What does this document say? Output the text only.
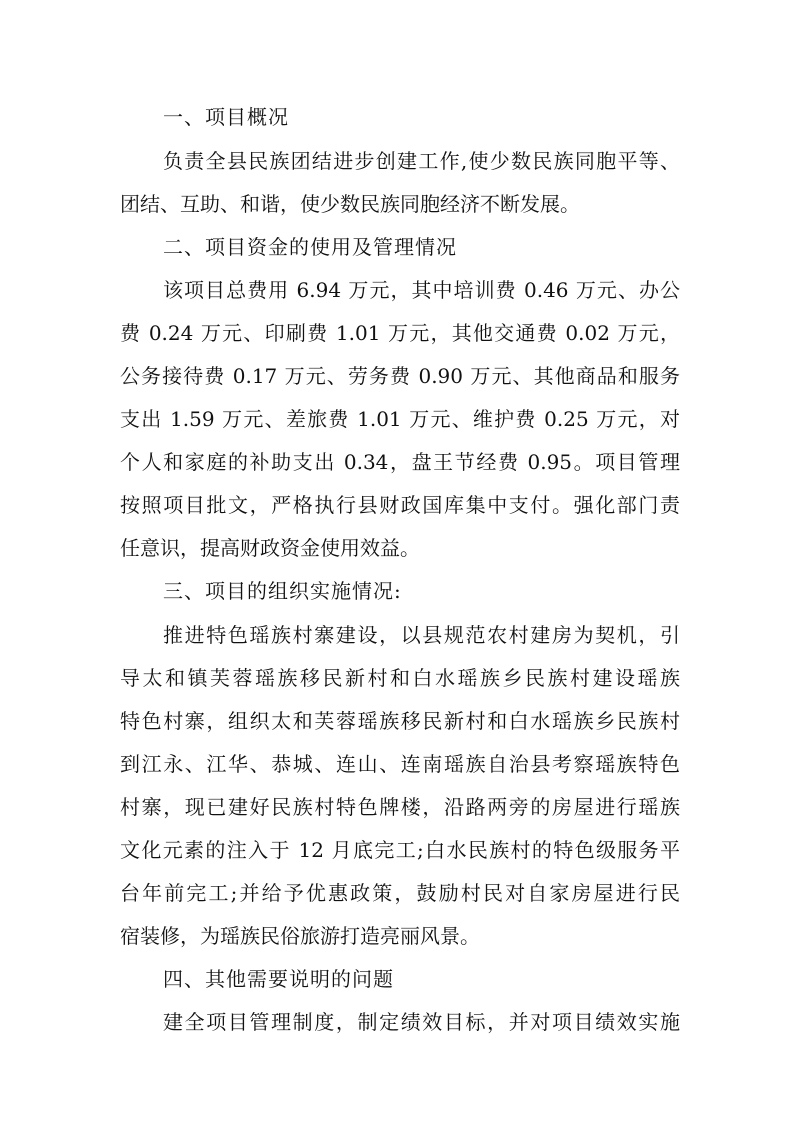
一、项目概况
负责全县民族团结进步创建工作,使少数民族同胞平等、
团结、互助、和谐，使少数民族同胞经济不断发展。
二、项目资金的使用及管理情况
该项目总费用 6.94 万元，其中培训费 0.46 万元、办公
费 0.24 万元、印刷费 1.01 万元，其他交通费 0.02 万元，
公务接待费 0.17 万元、劳务费 0.90 万元、其他商品和服务
支出 1.59 万元、差旅费 1.01 万元、维护费 0.25 万元，对
个人和家庭的补助支出 0.34，盘王节经费 0.95。项目管理
按照项目批文，严格执行县财政国库集中支付。强化部门责
任意识，提高财政资金使用效益。
三、项目的组织实施情况:
推进特色瑶族村寨建设，以县规范农村建房为契机，引
导太和镇芙蓉瑶族移民新村和白水瑶族乡民族村建设瑶族
特色村寨，组织太和芙蓉瑶族移民新村和白水瑶族乡民族村
到江永、江华、恭城、连山、连南瑶族自治县考察瑶族特色
村寨，现已建好民族村特色牌楼，沿路两旁的房屋进行瑶族
文化元素的注入于 12 月底完工;白水民族村的特色级服务平
台年前完工;并给予优惠政策，鼓励村民对自家房屋进行民
宿装修，为瑶族民俗旅游打造亮丽风景。
四、其他需要说明的问题
建全项目管理制度，制定绩效目标，并对项目绩效实施
